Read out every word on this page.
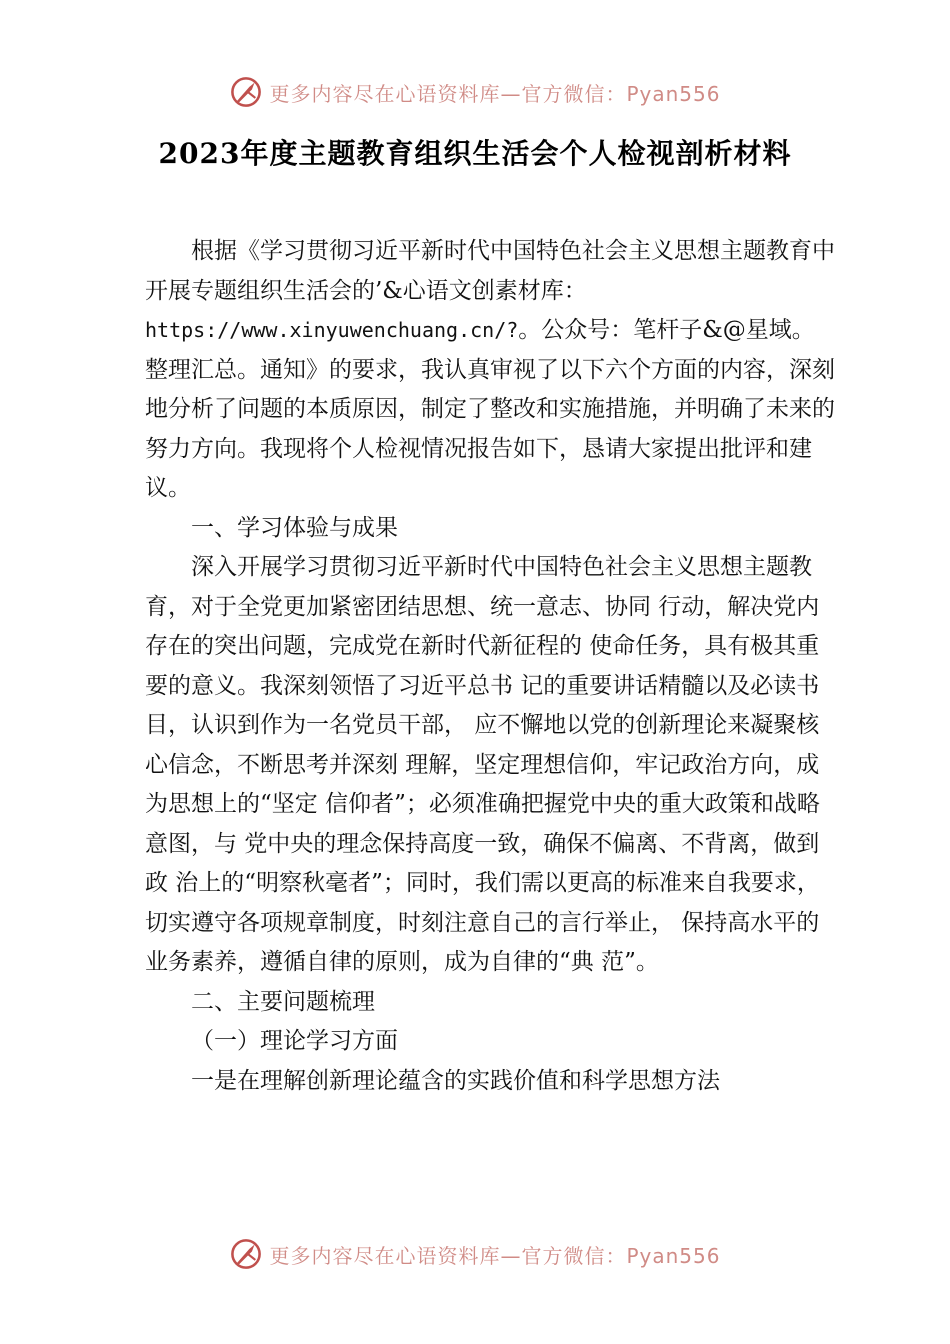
更多内容尽在心语资料库—官方微信：Pyan556
2023年度主题教育组织生活会个人检视剖析材料

根据《学习贯彻习近平新时代中国特色社会主义思想主题教育中开展专题组织生活会的’&心语文创素材库：https://www.xinyuwenchuang.cn/?。公众号：笔杆子&@星域。整理汇总。通知》的要求，我认真审视了以下六个方面的内容，深刻地分析了问题的本质原因，制定了整改和实施措施，并明确了未来的努力方向。我现将个人检视情况报告如下，恳请大家提出批评和建议。

一、学习体验与成果

深入开展学习贯彻习近平新时代中国特色社会主义思想主题教育，对于全党更加紧密团结思想、统一意志、协同 行动，解决党内存在的突出问题，完成党在新时代新征程的 使命任务，具有极其重要的意义。我深刻领悟了习近平总书 记的重要讲话精髓以及必读书目，认识到作为一名党员干部， 应不懈地以党的创新理论来凝聚核心信念，不断思考并深刻 理解，坚定理想信仰，牢记政治方向，成为思想上的“坚定 信仰者”；必须准确把握党中央的重大政策和战略意图，与 党中央的理念保持高度一致，确保不偏离、不背离，做到政 治上的“明察秋毫者”；同时，我们需以更高的标准来自我要求，切实遵守各项规章制度，时刻注意自己的言行举止， 保持高水平的业务素养，遵循自律的原则，成为自律的“典 范”。

二、主要问题梳理

（一）理论学习方面

一是在理解创新理论蕴含的实践价值和科学思想方法

更多内容尽在心语资料库—官方微信：Pyan556
